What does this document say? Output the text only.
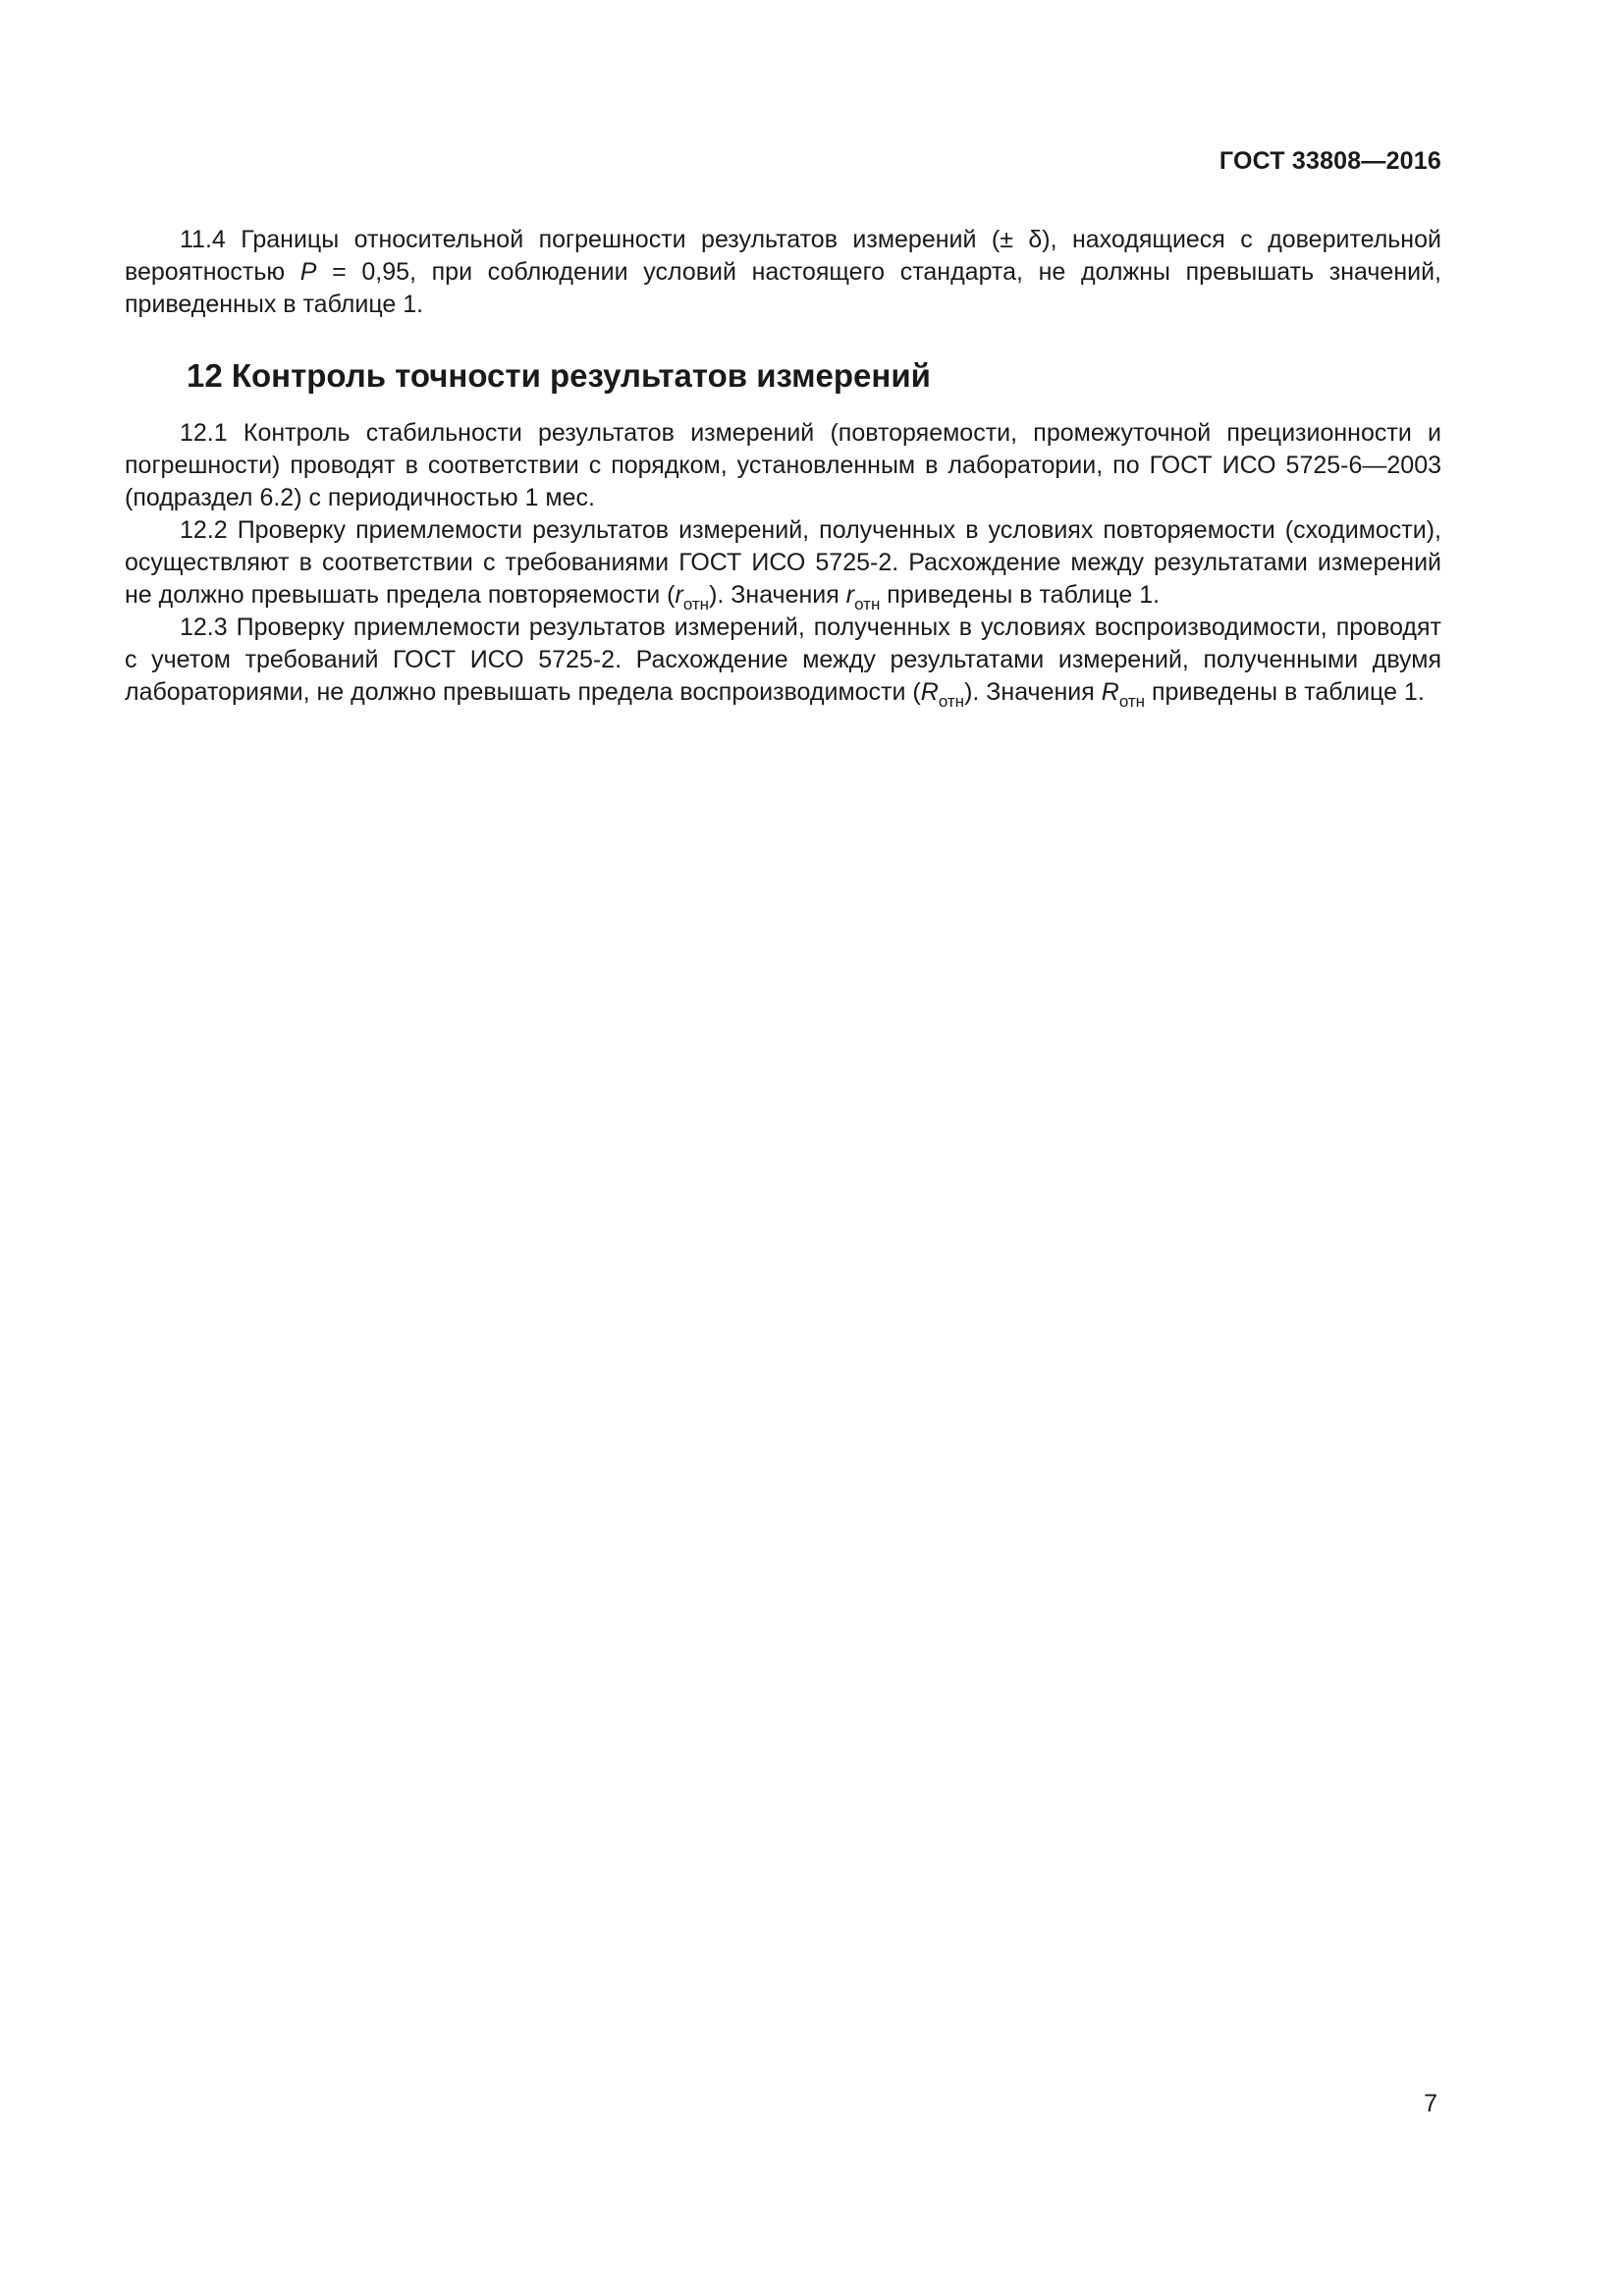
ГОСТ 33808—2016

11.4 Границы относительной погрешности результатов измерений (± δ), находящиеся с доверительной вероятностью P = 0,95, при соблюдении условий настоящего стандарта, не должны превышать значений, приведенных в таблице 1.

12 Контроль точности результатов измерений

12.1 Контроль стабильности результатов измерений (повторяемости, промежуточной прецизионности и погрешности) проводят в соответствии с порядком, установленным в лаборатории, по ГОСТ ИСО 5725-6—2003 (подраздел 6.2) с периодичностью 1 мес.

12.2 Проверку приемлемости результатов измерений, полученных в условиях повторяемости (сходимости), осуществляют в соответствии с требованиями ГОСТ ИСО 5725-2. Расхождение между результатами измерений не должно превышать предела повторяемости $(r_{отн})$. Значения $r_{отн}$ приведены в таблице 1.

12.3 Проверку приемлемости результатов измерений, полученных в условиях воспроизводимости, проводят с учетом требований ГОСТ ИСО 5725-2. Расхождение между результатами измерений, полученными двумя лабораториями, не должно превышать предела воспроизводимости $(R_{отн})$. Значения $R_{отн}$ приведены в таблице 1.

7
